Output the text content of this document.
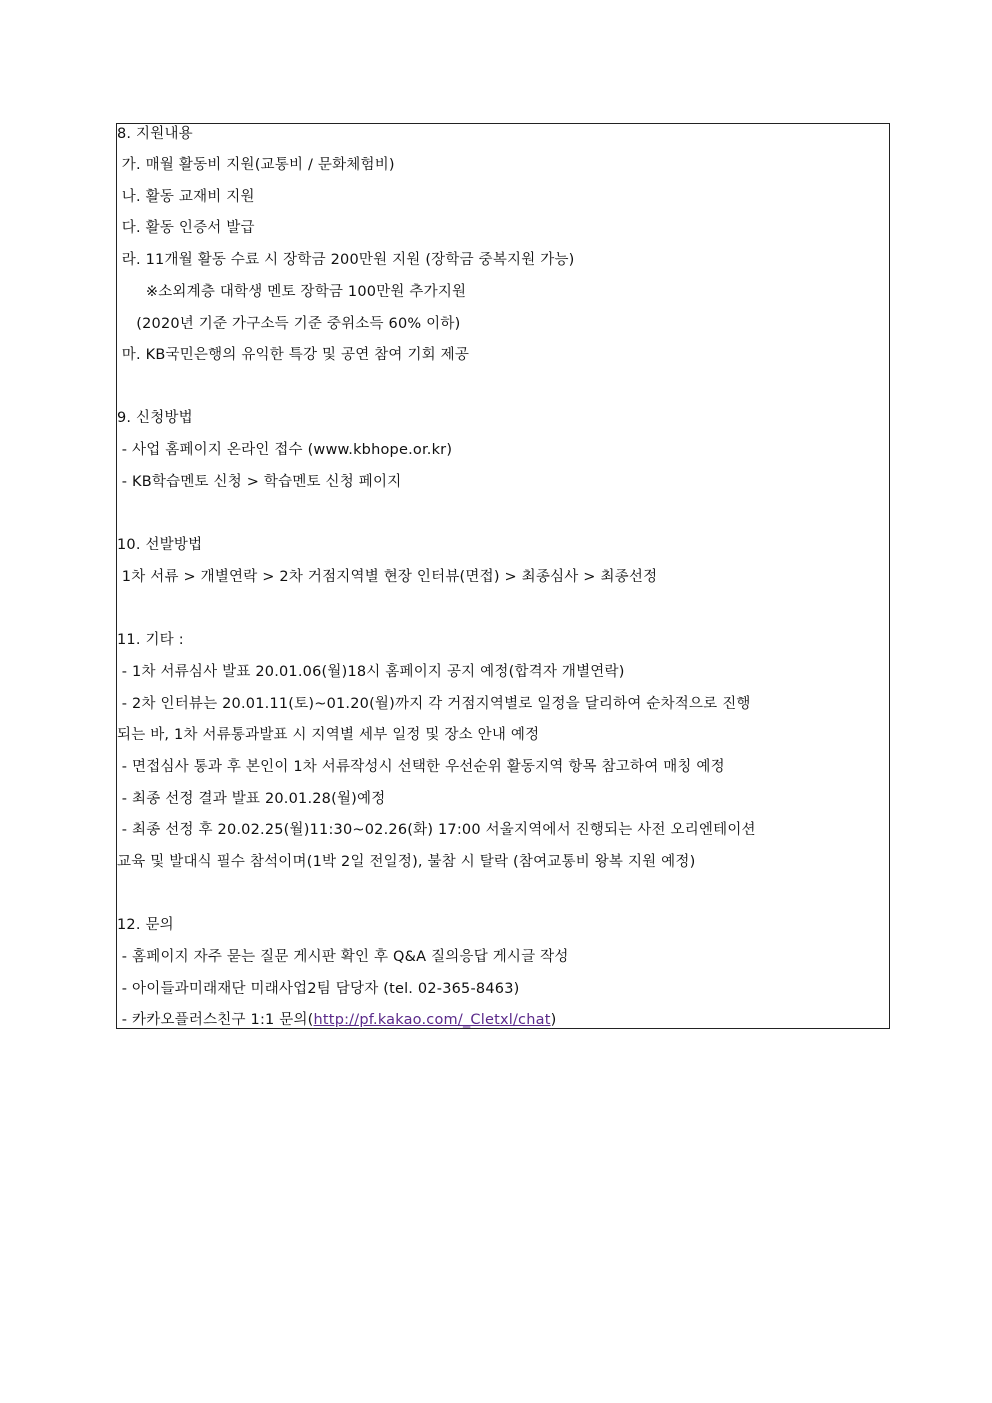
8. 지원내용
가. 매월 활동비 지원(교통비 / 문화체험비)
나. 활동 교재비 지원
다. 활동 인증서 발급
라. 11개월 활동 수료 시 장학금 200만원 지원 (장학금 중복지원 가능)
※소외계층 대학생 멘토 장학금 100만원 추가지원
(2020년 기준 가구소득 기준 중위소득 60% 이하)
마. KB국민은행의 유익한 특강 및 공연 참여 기회 제공
9. 신청방법
- 사업 홈페이지 온라인 접수 (www.kbhope.or.kr)
- KB학습멘토 신청 > 학습멘토 신청 페이지
10. 선발방법
1차 서류 > 개별연락 > 2차 거점지역별 현장 인터뷰(면접) > 최종심사 > 최종선정
11. 기타 :
- 1차 서류심사 발표 20.01.06(월)18시 홈페이지 공지 예정(합격자 개별연락)
- 2차 인터뷰는 20.01.11(토)~01.20(월)까지 각 거점지역별로 일정을 달리하여 순차적으로 진행
되는 바, 1차 서류통과발표 시 지역별 세부 일정 및 장소 안내 예정
- 면접심사 통과 후 본인이 1차 서류작성시 선택한 우선순위 활동지역 항목 참고하여 매칭 예정
- 최종 선정 결과 발표 20.01.28(월)예정
- 최종 선정 후 20.02.25(월)11:30~02.26(화) 17:00 서울지역에서 진행되는 사전 오리엔테이션
교육 및 발대식 필수 참석이며(1박 2일 전일정), 불참 시 탈락 (참여교통비 왕복 지원 예정)
12. 문의
- 홈페이지 자주 묻는 질문 게시판 확인 후 Q&A 질의응답 게시글 작성
- 아이들과미래재단 미래사업2팀 담당자 (tel. 02-365-8463)
- 카카오플러스친구 1:1 문의(http://pf.kakao.com/_Cletxl/chat)
